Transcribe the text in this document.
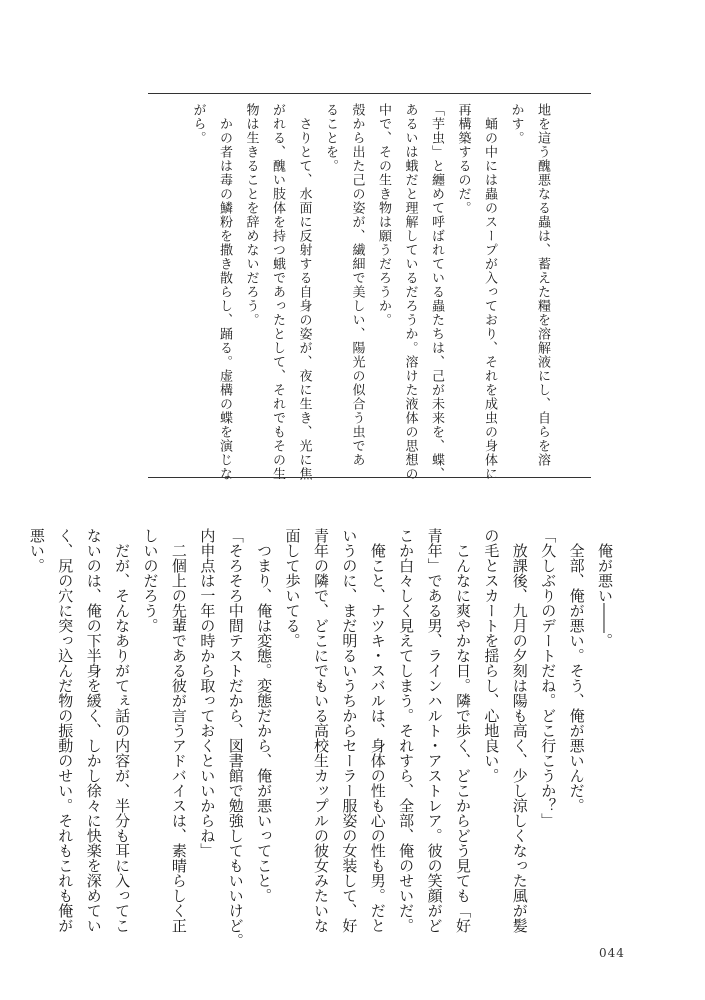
地を這う醜悪なる蟲は、蓄えた糧を溶解液にし、自らを溶
かす。
　蛹の中には蟲のスープが入っており、それを成虫の身体に
再構築するのだ。
「芋虫」と纏めて呼ばれている蟲たちは、己が未来を、蝶、
あるいは蛾だと理解しているだろうか。溶けた液体の思想の
中で、その生き物は願うだろうか。
殻から出た己の姿が、繊細で美しい、陽光の似合う虫であ
ることを。
　さりとて、水面に反射する自身の姿が、夜に生き、光に焦
がれる、醜い肢体を持つ蛾であったとして、それでもその生
物は生きることを辞めないだろう。
　かの者は毒の鱗粉を撒き散らし、踊る。虚構の蝶を演じな
がら。
　俺が悪い――。
　全部、俺が悪い。そう、俺が悪いんだ。
「久しぶりのデートだね。どこ行こうか？」
　放課後、九月の夕刻は陽も高く、少し涼しくなった風が髪
の毛とスカートを揺らし、心地良い。
　こんなに爽やかな日。隣で歩く、どこからどう見ても「好
青年」である男、ラインハルト・アストレア。彼の笑顔がど
こか白々しく見えてしまう。それすら、全部、俺のせいだ。
　俺こと、ナツキ・スバルは、身体の性も心の性も男。だと
いうのに、まだ明るいうちからセーラー服姿の女装して、好
青年の隣で、どこにでもいる高校生カップルの彼女みたいな
面して歩いてる。
　つまり、俺は変態。変態だから、俺が悪いってこと。
「そろそろ中間テストだから、図書館で勉強してもいいけど。
内申点は一年の時から取っておくといいからね」
　二個上の先輩である彼が言うアドバイスは、素晴らしく正
しいのだろう。
　だが、そんなありがてぇ話の内容が、半分も耳に入ってこ
ないのは、俺の下半身を緩く、しかし徐々に快楽を深めてい
く、尻の穴に突っ込んだ物の振動のせい。それもこれも俺が
悪い。
044
